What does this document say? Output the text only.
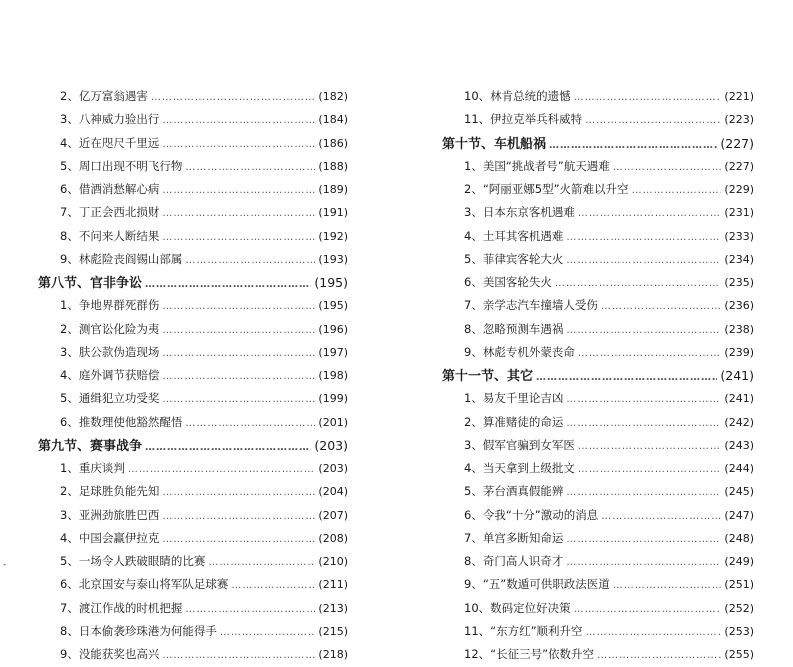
2、亿万富翁遇害 ……………………………………………………………………………………………………………………………………………………	(182)
3、八神威力验出行 ……………………………………………………………………………………………………………………………………………………	(184)
4、近在咫尺千里远 ……………………………………………………………………………………………………………………………………………………	(186)
5、周口出现不明飞行物 ……………………………………………………………………………………………………………………………………………………	(188)
6、借酒消愁解心病 ……………………………………………………………………………………………………………………………………………………	(189)
7、丁正会西北损财 ……………………………………………………………………………………………………………………………………………………	(191)
8、不问来人断结果 ……………………………………………………………………………………………………………………………………………………	(192)
9、林彪险丧阎锡山部属 ……………………………………………………………………………………………………………………………………………………	(193)
第八节、官非争讼 ……………………………………………………………………………………………………………………………………………………	(195)
1、争地界群死群伤 ……………………………………………………………………………………………………………………………………………………	(195)
2、测官讼化险为夷 ……………………………………………………………………………………………………………………………………………………	(196)
3、肤公款伪造现场 ……………………………………………………………………………………………………………………………………………………	(197)
4、庭外调节获赔偿 ……………………………………………………………………………………………………………………………………………………	(198)
5、通缉犯立功受奖 ……………………………………………………………………………………………………………………………………………………	(199)
6、推数理使他豁然醒悟 ……………………………………………………………………………………………………………………………………………………	(201)
第九节、赛事战争 ……………………………………………………………………………………………………………………………………………………	(203)
1、重庆谈判 ……………………………………………………………………………………………………………………………………………………	(203)
2、足球胜负能先知 ……………………………………………………………………………………………………………………………………………………	(204)
3、亚洲劲旅胜巴西 ……………………………………………………………………………………………………………………………………………………	(207)
4、中国会赢伊拉克 ……………………………………………………………………………………………………………………………………………………	(208)
5、一场令人跌破眼睛的比赛 ……………………………………………………………………………………………………………………………………………………	(210)
6、北京国安与泰山将军队足球赛 ……………………………………………………………………………………………………………………………………………………	(211)
7、渡江作战的时机把握 ……………………………………………………………………………………………………………………………………………………	(213)
8、日本偷袭珍珠港为何能得手 ……………………………………………………………………………………………………………………………………………………	(215)
9、没能获奖也高兴 ……………………………………………………………………………………………………………………………………………………	(218)
10、林肯总统的遗憾 ……………………………………………………………………………………………………………………………………………………	(221)
11、伊拉克举兵科威特 ……………………………………………………………………………………………………………………………………………………	(223)
第十节、车机船祸 ……………………………………………………………………………………………………………………………………………………	(227)
1、美国“挑战者号”航天遇难 ……………………………………………………………………………………………………………………………………………………	(227)
2、“阿丽亚娜5型”火箭难以升空 ……………………………………………………………………………………………………………………………………………………	(229)
3、日本东京客机遇难 ……………………………………………………………………………………………………………………………………………………	(231)
4、土耳其客机遇难 ……………………………………………………………………………………………………………………………………………………	(233)
5、菲律宾客轮大火 ……………………………………………………………………………………………………………………………………………………	(234)
6、美国客轮失火 ……………………………………………………………………………………………………………………………………………………	(235)
7、亲学志汽车撞墙人受伤 ……………………………………………………………………………………………………………………………………………………	(236)
8、忽略预测车遇祸 ……………………………………………………………………………………………………………………………………………………	(238)
9、林彪专机外蒙丧命 ……………………………………………………………………………………………………………………………………………………	(239)
第十一节、其它 ……………………………………………………………………………………………………………………………………………………	(241)
1、易友千里论吉凶 ……………………………………………………………………………………………………………………………………………………	(241)
2、算准赌徒的命运 ……………………………………………………………………………………………………………………………………………………	(242)
3、假军官骗到女军医 ……………………………………………………………………………………………………………………………………………………	(243)
4、当天拿到上级批文 ……………………………………………………………………………………………………………………………………………………	(244)
5、茅台酒真假能辨 ……………………………………………………………………………………………………………………………………………………	(245)
6、令我“十分”激动的消息 ……………………………………………………………………………………………………………………………………………………	(247)
7、单宫多断知命运 ……………………………………………………………………………………………………………………………………………………	(248)
8、奇门高人识奇才 ……………………………………………………………………………………………………………………………………………………	(249)
9、“五”数遁可供职政法医道 ……………………………………………………………………………………………………………………………………………………	(251)
10、数码定位好决策 ……………………………………………………………………………………………………………………………………………………	(252)
11、“东方红”顺利升空 ……………………………………………………………………………………………………………………………………………………	(253)
12、“长征三号”依数升空 ……………………………………………………………………………………………………………………………………………………	(255)
-
